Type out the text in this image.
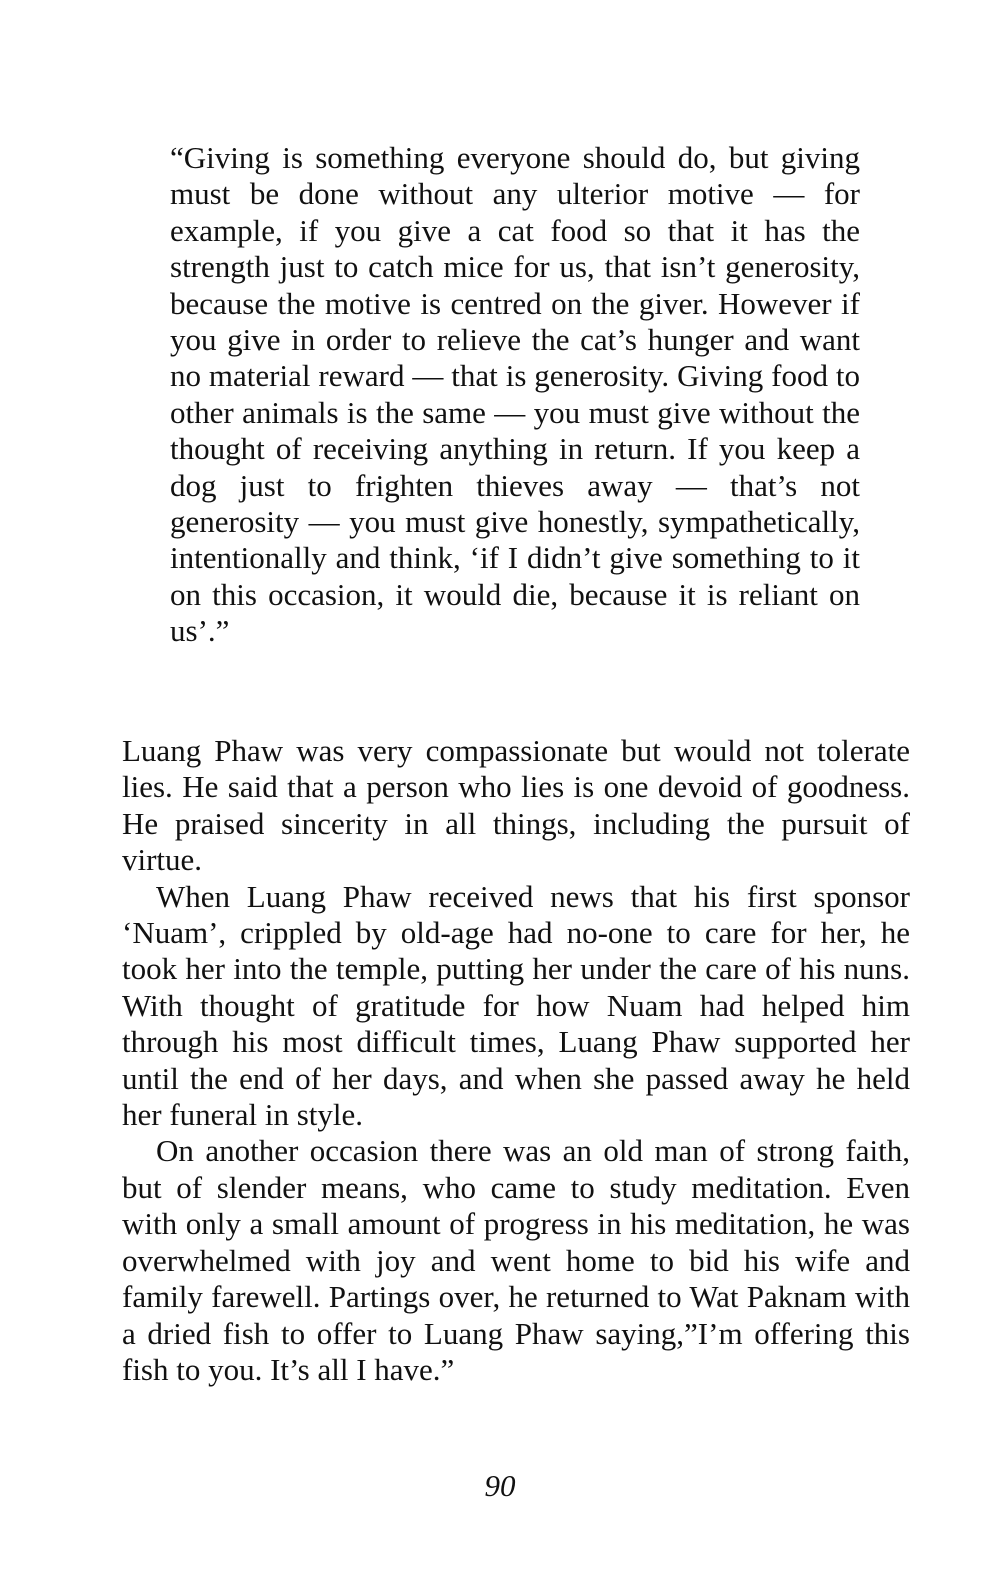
“Giving is something everyone should do, but giving must be done without any ulterior motive — for example, if you give a cat food so that it has the strength just to catch mice for us, that isn’t generosity, because the motive is centred on the giver. However if you give in order to relieve the cat’s hunger and want no material reward — that is generosity. Giving food to other animals is the same — you must give without the thought of receiving anything in return. If you keep a dog just to frighten thieves away — that’s not generosity — you must give honestly, sympathetically, intentionally and think, ‘if I didn’t give something to it on this occasion, it would die, because it is reliant on us’.”

Luang Phaw was very compassionate but would not tolerate lies. He said that a person who lies is one devoid of goodness. He praised sincerity in all things, including the pursuit of virtue.

When Luang Phaw received news that his first sponsor ‘Nuam’, crippled by old-age had no-one to care for her, he took her into the temple, putting her under the care of his nuns. With thought of gratitude for how Nuam had helped him through his most difficult times, Luang Phaw supported her until the end of her days, and when she passed away he held her funeral in style.

On another occasion there was an old man of strong faith, but of slender means, who came to study meditation. Even with only a small amount of progress in his meditation, he was overwhelmed with joy and went home to bid his wife and family farewell. Partings over, he returned to Wat Paknam with a dried fish to offer to Luang Phaw saying,”I’m offering this fish to you. It’s all I have.”

90
